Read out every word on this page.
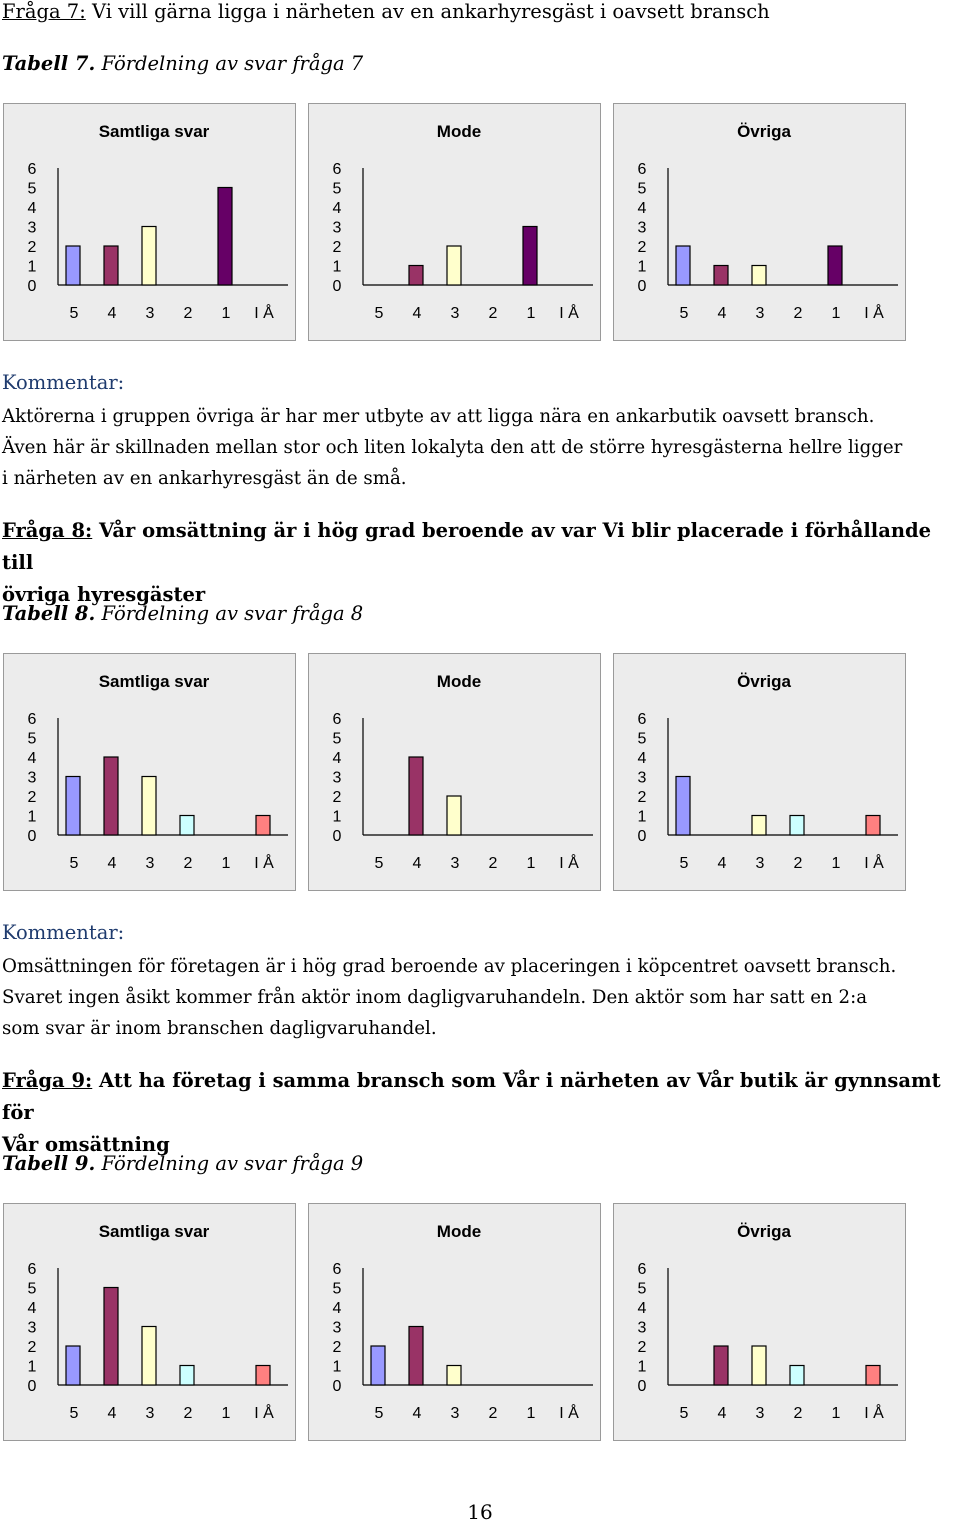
Fråga 7: Vi vill gärna ligga i närheten av en ankarhyresgäst i oavsett bransch
Tabell 7. Fördelning av svar fråga 7
Samtliga svar
6
5
4
3
2
1
0
5 4 3 2 1 I Å
Mode
6
5
4
3
2
1
0
5 4 3 2 1 I Å
Övriga
6
5
4
3
2
1
0
5 4 3 2 1 I Å
Kommentar:
Aktörerna i gruppen övriga är har mer utbyte av att ligga nära en ankarbutik oavsett bransch.
Även här är skillnaden mellan stor och liten lokalyta den att de större hyresgästerna hellre ligger
i närheten av en ankarhyresgäst än de små.
Fråga 8: Vår omsättning är i hög grad beroende av var Vi blir placerade i förhållande till
övriga hyresgäster
Tabell 8. Fördelning av svar fråga 8
Samtliga svar
6
5
4
3
2
1
0
5 4 3 2 1 I Å
Mode
6
5
4
3
2
1
0
5 4 3 2 1 I Å
Övriga
6
5
4
3
2
1
0
5 4 3 2 1 I Å
Kommentar:
Omsättningen för företagen är i hög grad beroende av placeringen i köpcentret oavsett bransch.
Svaret ingen åsikt kommer från aktör inom dagligvaruhandeln. Den aktör som har satt en 2:a
som svar är inom branschen dagligvaruhandel.
Fråga 9: Att ha företag i samma bransch som Vår i närheten av Vår butik är gynnsamt för
Vår omsättning
Tabell 9. Fördelning av svar fråga 9
Samtliga svar
6
5
4
3
2
1
0
5 4 3 2 1 I Å
Mode
6
5
4
3
2
1
0
5 4 3 2 1 I Å
Övriga
6
5
4
3
2
1
0
5 4 3 2 1 I Å
16
